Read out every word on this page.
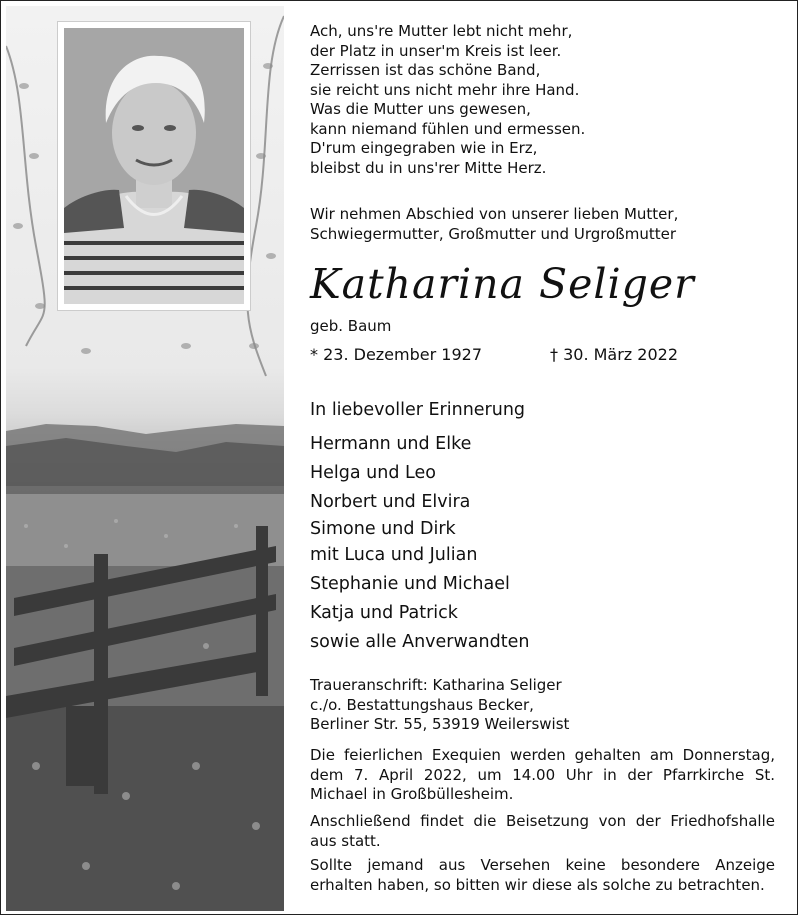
Ach, uns're Mutter lebt nicht mehr,
der Platz in unser'm Kreis ist leer.
Zerrissen ist das schöne Band,
sie reicht uns nicht mehr ihre Hand.
Was die Mutter uns gewesen,
kann niemand fühlen und ermessen.
D'rum eingegraben wie in Erz,
bleibst du in uns'rer Mitte Herz.
Wir nehmen Abschied von unserer lieben Mutter,
Schwiegermutter, Großmutter und Urgroßmutter
Katharina Seliger
geb. Baum
* 23. Dezember 1927	† 30. März 2022
In liebevoller Erinnerung
Hermann und Elke
Helga und Leo
Norbert und Elvira
Simone und Dirk
mit Luca und Julian
Stephanie und Michael
Katja und Patrick
sowie alle Anverwandten
Traueranschrift: Katharina Seliger
c./o. Bestattungshaus Becker,
Berliner Str. 55, 53919 Weilerswist

Die feierlichen Exequien werden gehalten am Donnerstag, dem 7. April 2022, um 14.00 Uhr in der Pfarrkirche St. Michael in Großbüllesheim.

Anschließend findet die Beisetzung von der Friedhofshalle aus statt.

Sollte jemand aus Versehen keine besondere Anzeige erhalten haben, so bitten wir diese als solche zu betrachten.
